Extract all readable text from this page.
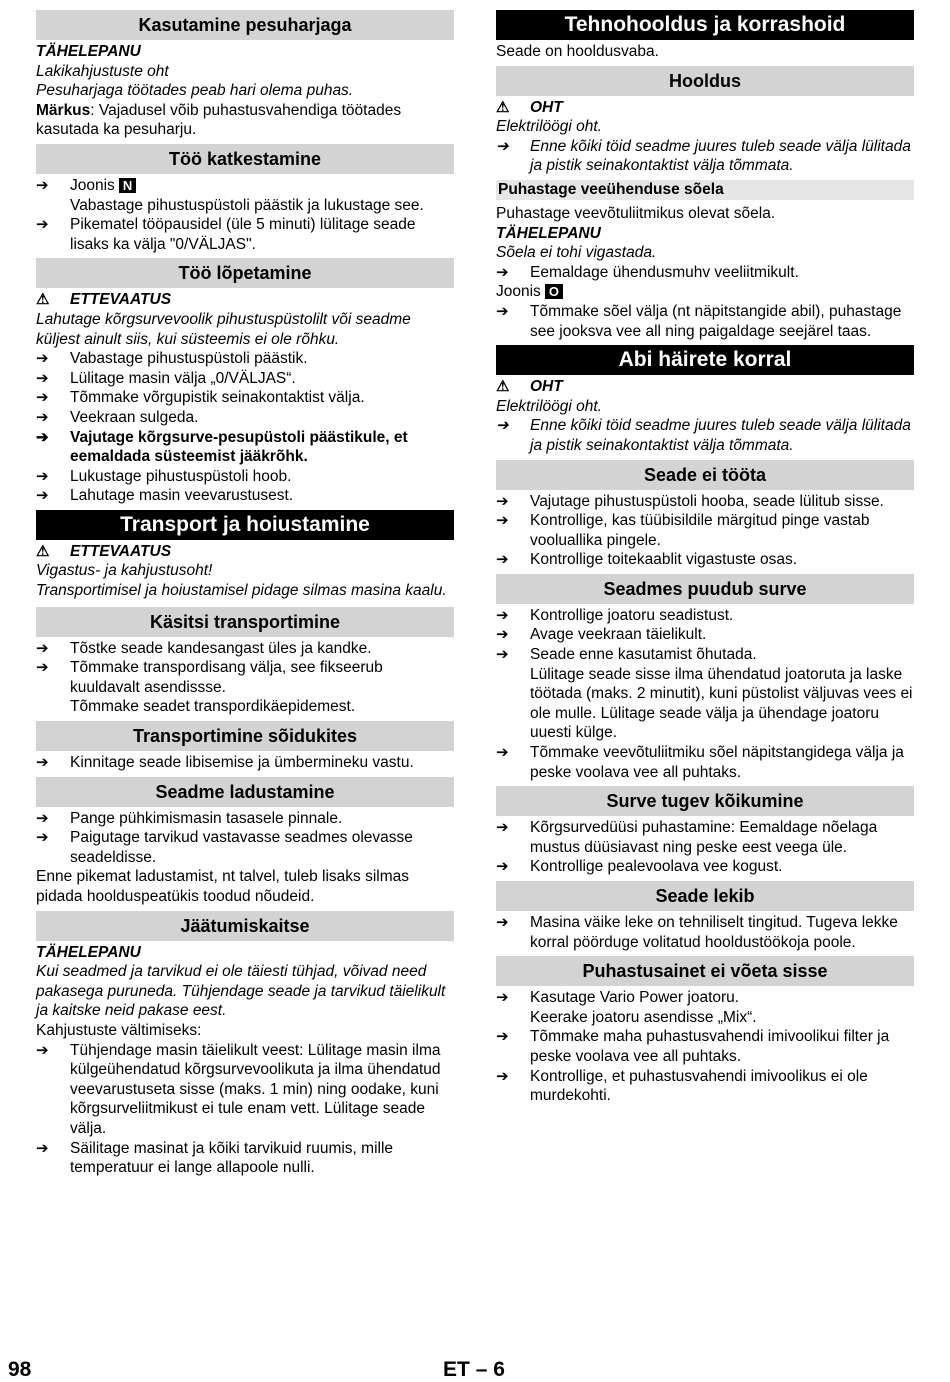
Kasutamine pesuharjaga
TÄHELEPANU
Lakikahjustuste oht
Pesuharjaga töötades peab hari olema puhas.
Märkus: Vajadusel võib puhastusvahendiga töötades kasutada ka pesuharju.
Töö katkestamine
➔ Joonis N
Vabastage pihustuspüstoli päästik ja lukustage see.
➔ Pikematel tööpausidel (üle 5 minuti) lülitage seade lisaks ka välja "0/VÄLJAS".
Töö lõpetamine
⚠ ETTEVAATUS
Lahutage kõrgsurvevoolik pihustuspüstolilt või seadme küljest ainult siis, kui süsteemis ei ole rõhku.
➔ Vabastage pihustuspüstoli päästik.
➔ Lülitage masin välja „0/VÄLJAS“.
➔ Tõmmake võrgupistik seinakontaktist välja.
➔ Veekraan sulgeda.
➔ Vajutage kõrgsurve-pesupüstoli päästikule, et eemaldada süsteemist jääkrõhk.
➔ Lukustage pihustuspüstoli hoob.
➔ Lahutage masin veevarustusest.
Transport ja hoiustamine
⚠ ETTEVAATUS
Vigastus- ja kahjustusoht!
Transportimisel ja hoiustamisel pidage silmas masina kaalu.
Käsitsi transportimine
➔ Tõstke seade kandesangast üles ja kandke.
➔ Tõmmake transpordisang välja, see fikseerub kuuldavalt asendissse.
Tõmmake seadet transpordikäepidemest.
Transportimine sõidukites
➔ Kinnitage seade libisemise ja ümbermineku vastu.
Seadme ladustamine
➔ Pange pühkimismasin tasasele pinnale.
➔ Paigutage tarvikud vastavasse seadmes olevasse seadeldisse.
Enne pikemat ladustamist, nt talvel, tuleb lisaks silmas pidada hoolduspeatükis toodud nõudeid.
Jäätumiskaitse
TÄHELEPANU
Kui seadmed ja tarvikud ei ole täiesti tühjad, võivad need pakasega puruneda. Tühjendage seade ja tarvikud täielikult ja kaitske neid pakase eest.
Kahjustuste vältimiseks:
➔ Tühjendage masin täielikult veest: Lülitage masin ilma külgeühendatud kõrgsurvevoolikuta ja ilma ühendatud veevarustuseta sisse (maks. 1 min) ning oodake, kuni kõrgsurveliitmikust ei tule enam vett. Lülitage seade välja.
➔ Säilitage masinat ja kõiki tarvikuid ruumis, mille temperatuur ei lange allapoole nulli.
Tehnohooldus ja korrashoid
Seade on hooldusvaba.
Hooldus
⚠ OHT
Elektrilöögi oht.
➔ Enne kõiki töid seadme juures tuleb seade välja lülitada ja pistik seinakontaktist välja tõmmata.
Puhastage veeühenduse sõela
Puhastage veevõtuliitmikus olevat sõela.
TÄHELEPANU
Sõela ei tohi vigastada.
➔ Eemaldage ühendusmuhv veeliitmikult.
Joonis O
➔ Tõmmake sõel välja (nt näpitstangide abil), puhastage see jooksva vee all ning paigaldage seejärel taas.
Abi häirete korral
⚠ OHT
Elektrilöögi oht.
➔ Enne kõiki töid seadme juures tuleb seade välja lülitada ja pistik seinakontaktist välja tõmmata.
Seade ei tööta
➔ Vajutage pihustuspüstoli hooba, seade lülitub sisse.
➔ Kontrollige, kas tüübisildile märgitud pinge vastab vooluallika pingele.
➔ Kontrollige toitekaablit vigastuste osas.
Seadmes puudub surve
➔ Kontrollige joatoru seadistust.
➔ Avage veekraan täielikult.
➔ Seade enne kasutamist õhutada.
Lülitage seade sisse ilma ühendatud joatoruta ja laske töötada (maks. 2 minutit), kuni püstolist väljuvas vees ei ole mulle. Lülitage seade välja ja ühendage joatoru uuesti külge.
➔ Tõmmake veevõtuliitmiku sõel näpitstangidega välja ja peske voolava vee all puhtaks.
Surve tugev kõikumine
➔ Kõrgsurvedüüsi puhastamine: Eemaldage nõelaga mustus düüsiavast ning peske eest veega üle.
➔ Kontrollige pealevoolava vee kogust.
Seade lekib
➔ Masina väike leke on tehniliselt tingitud. Tugeva lekke korral pöörduge volitatud hooldustöökoja poole.
Puhastusainet ei võeta sisse
➔ Kasutage Vario Power joatoru.
Keerake joatoru asendisse „Mix“.
➔ Tõmmake maha puhastusvahendi imivoolikui filter ja peske voolava vee all puhtaks.
➔ Kontrollige, et puhastusvahendi imivoolikus ei ole murdekohti.
98	ET – 6
